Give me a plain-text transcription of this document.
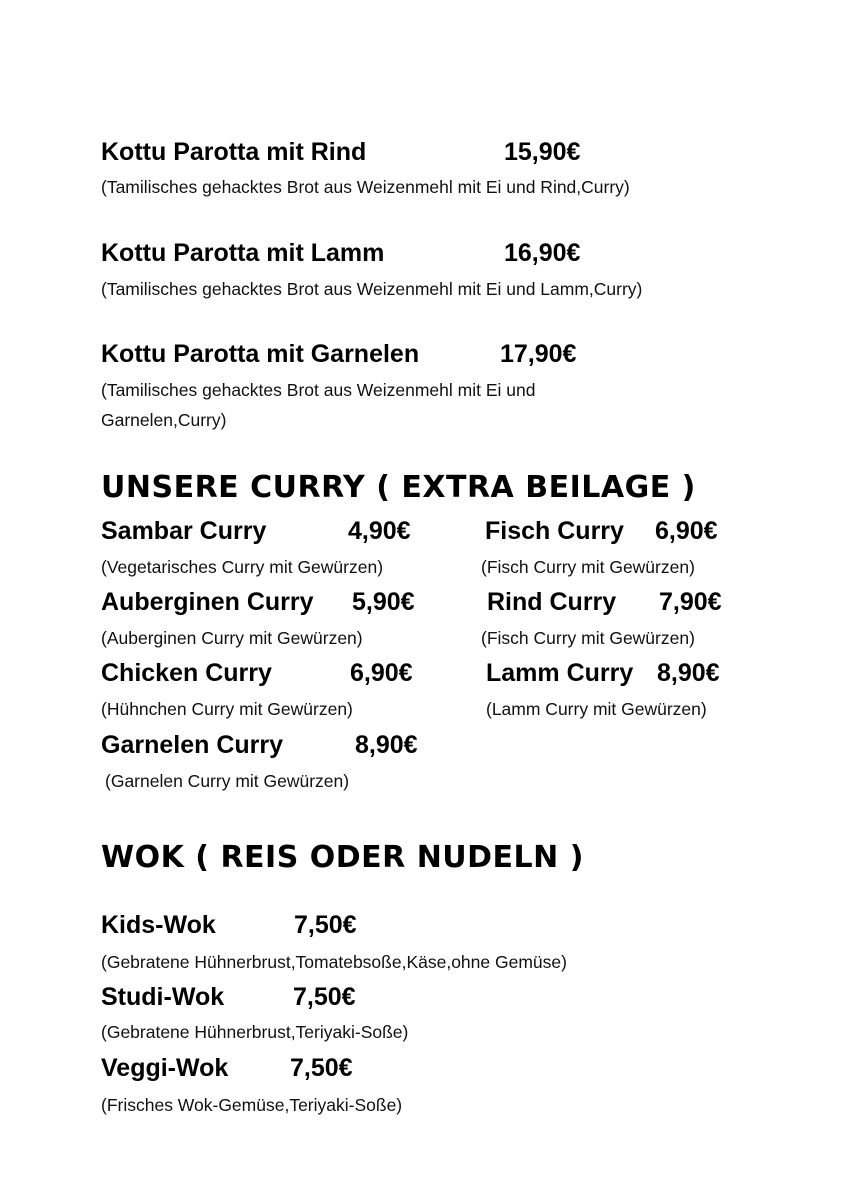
Kottu Parotta mit Rind	15,90€
(Tamilisches gehacktes Brot aus Weizenmehl mit Ei und Rind,Curry)
Kottu Parotta mit Lamm	16,90€
(Tamilisches gehacktes Brot aus Weizenmehl mit Ei und Lamm,Curry)
Kottu Parotta mit Garnelen	17,90€
(Tamilisches gehacktes Brot aus Weizenmehl mit Ei und
Garnelen,Curry)
UNSERE CURRY ( EXTRA BEILAGE )
Sambar Curry	4,90€
(Vegetarisches Curry mit Gewürzen)
Auberginen Curry 5,90€
(Auberginen Curry mit Gewürzen)
Chicken Curry	6,90€
(Hühnchen Curry mit Gewürzen)
Garnelen Curry	8,90€
(Garnelen Curry mit Gewürzen)
Fisch Curry 6,90€
(Fisch Curry mit Gewürzen)
Rind Curry 7,90€
(Fisch Curry mit Gewürzen)
Lamm Curry 8,90€
(Lamm Curry mit Gewürzen)
WOK ( REIS ODER NUDELN )
Kids-Wok	7,50€
(Gebratene Hühnerbrust,Tomatebsoße,Käse,ohne Gemüse)
Studi-Wok	7,50€
(Gebratene Hühnerbrust,Teriyaki-Soße)
Veggi-Wok 7,50€
(Frisches Wok-Gemüse,Teriyaki-Soße)
